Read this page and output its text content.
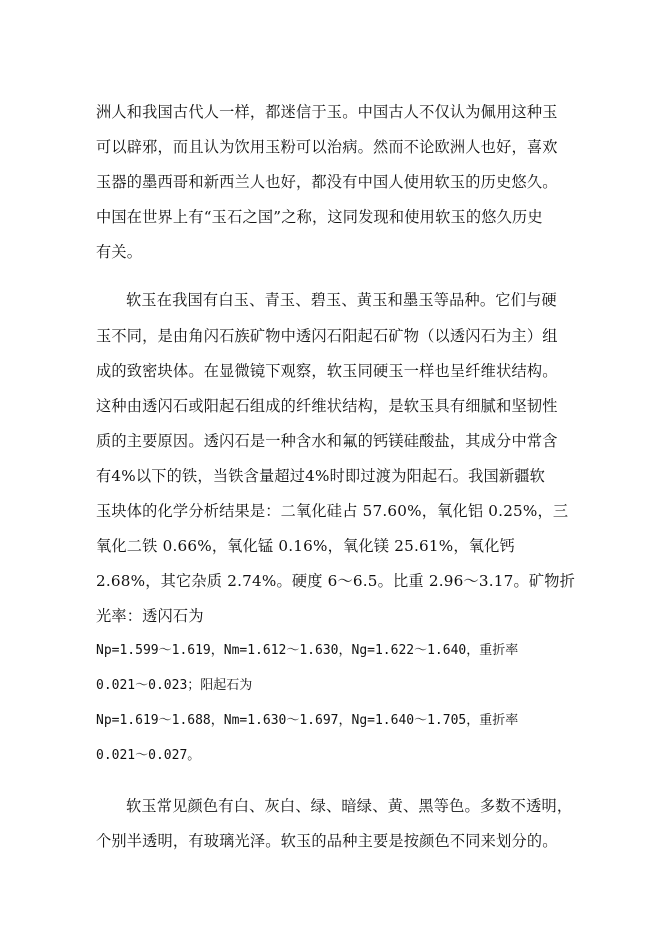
洲人和我国古代人一样，都迷信于玉。中国古人不仅认为佩用这种玉
可以辟邪，而且认为饮用玉粉可以治病。然而不论欧洲人也好，喜欢
玉器的墨西哥和新西兰人也好，都没有中国人使用软玉的历史悠久。
中国在世界上有“玉石之国”之称，这同发现和使用软玉的悠久历史
有关。
软玉在我国有白玉、青玉、碧玉、黄玉和墨玉等品种。它们与硬
玉不同，是由角闪石族矿物中透闪石阳起石矿物（以透闪石为主）组
成的致密块体。在显微镜下观察，软玉同硬玉一样也呈纤维状结构。
这种由透闪石或阳起石组成的纤维状结构，是软玉具有细腻和坚韧性
质的主要原因。透闪石是一种含水和氟的钙镁硅酸盐，其成分中常含
有4%以下的铁，当铁含量超过4%时即过渡为阳起石。我国新疆软
玉块体的化学分析结果是：二氧化硅占 57.60%，氧化铝 0.25%，三
氧化二铁 0.66%，氧化锰 0.16%，氧化镁 25.61%，氧化钙
2.68%，其它杂质 2.74%。硬度 6～6.5。比重 2.96～3.17。矿物折
光率：透闪石为
Np=1.599～1.619，Nm=1.612～1.630，Ng=1.622～1.640，重折率
0.021～0.023；阳起石为
Np=1.619～1.688，Nm=1.630～1.697，Ng=1.640～1.705，重折率
0.021～0.027。
软玉常见颜色有白、灰白、绿、暗绿、黄、黑等色。多数不透明，
个别半透明，有玻璃光泽。软玉的品种主要是按颜色不同来划分的。
